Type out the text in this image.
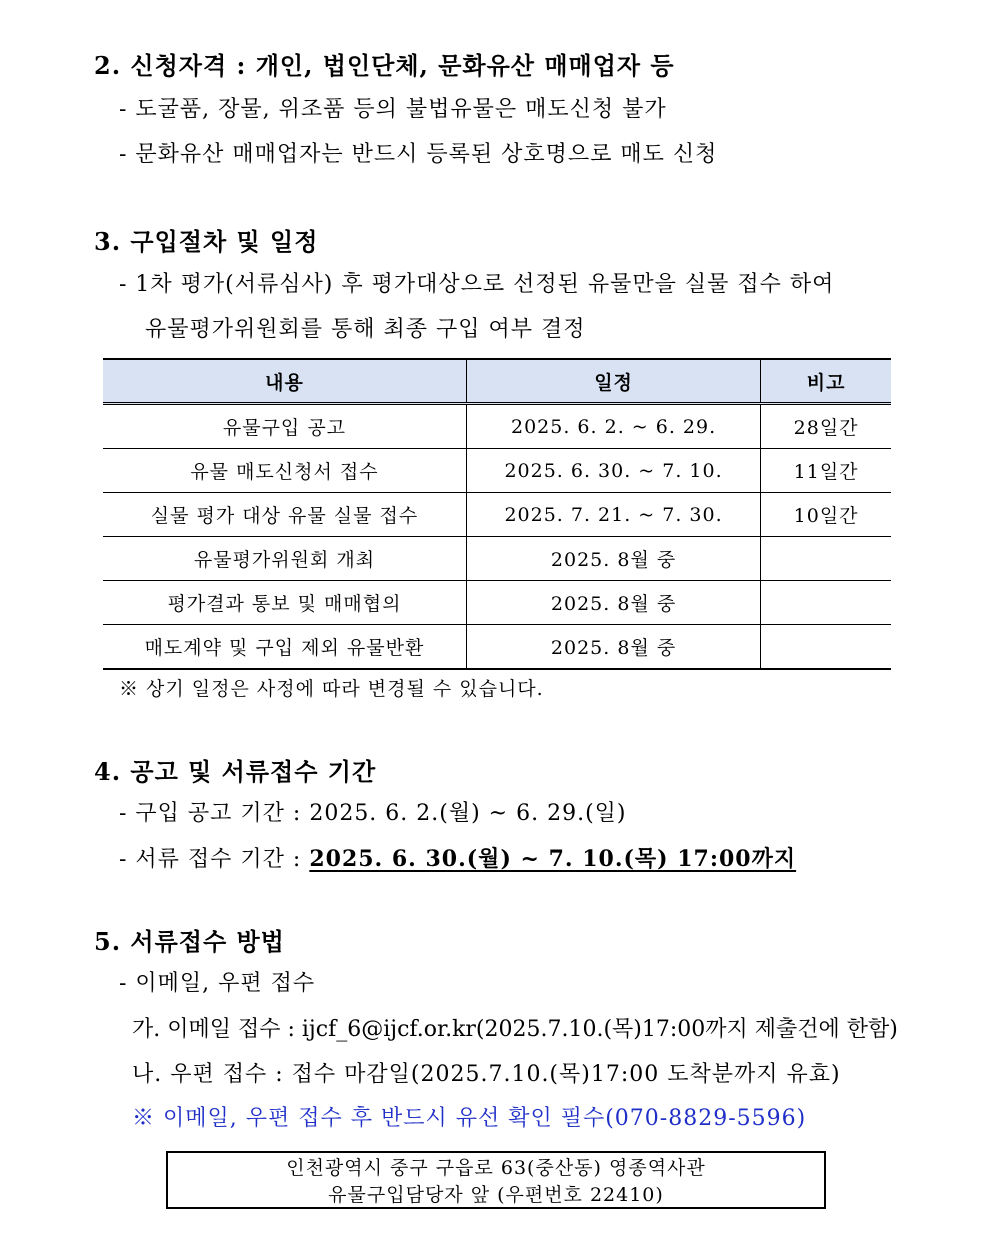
2. 신청자격 : 개인, 법인단체, 문화유산 매매업자 등
- 도굴품, 장물, 위조품 등의 불법유물은 매도신청 불가
- 문화유산 매매업자는 반드시 등록된 상호명으로 매도 신청
3. 구입절차 및 일정
- 1차 평가(서류심사) 후 평가대상으로 선정된 유물만을 실물 접수 하여
유물평가위원회를 통해 최종 구입 여부 결정
내용	일정	비고
유물구입 공고	2025. 6. 2. ~ 6. 29.	28일간
유물 매도신청서 접수	2025. 6. 30. ~ 7. 10.	11일간
실물 평가 대상 유물 실물 접수	2025. 7. 21. ~ 7. 30.	10일간
유물평가위원회 개최	2025. 8월 중	
평가결과 통보 및 매매협의	2025. 8월 중	
매도계약 및 구입 제외 유물반환	2025. 8월 중	
※ 상기 일정은 사정에 따라 변경될 수 있습니다.
4. 공고 및 서류접수 기간
- 구입 공고 기간 : 2025. 6. 2.(월) ~ 6. 29.(일)
- 서류 접수 기간 : 2025. 6. 30.(월) ~ 7. 10.(목) 17:00까지
5. 서류접수 방법
- 이메일, 우편 접수
가. 이메일 접수 : ijcf_6@ijcf.or.kr(2025.7.10.(목)17:00까지 제출건에 한함)
나. 우편 접수 : 접수 마감일(2025.7.10.(목)17:00 도착분까지 유효)
※ 이메일, 우편 접수 후 반드시 유선 확인 필수(070-8829-5596)
인천광역시 중구 구읍로 63(중산동) 영종역사관
유물구입담당자 앞 (우편번호 22410)
